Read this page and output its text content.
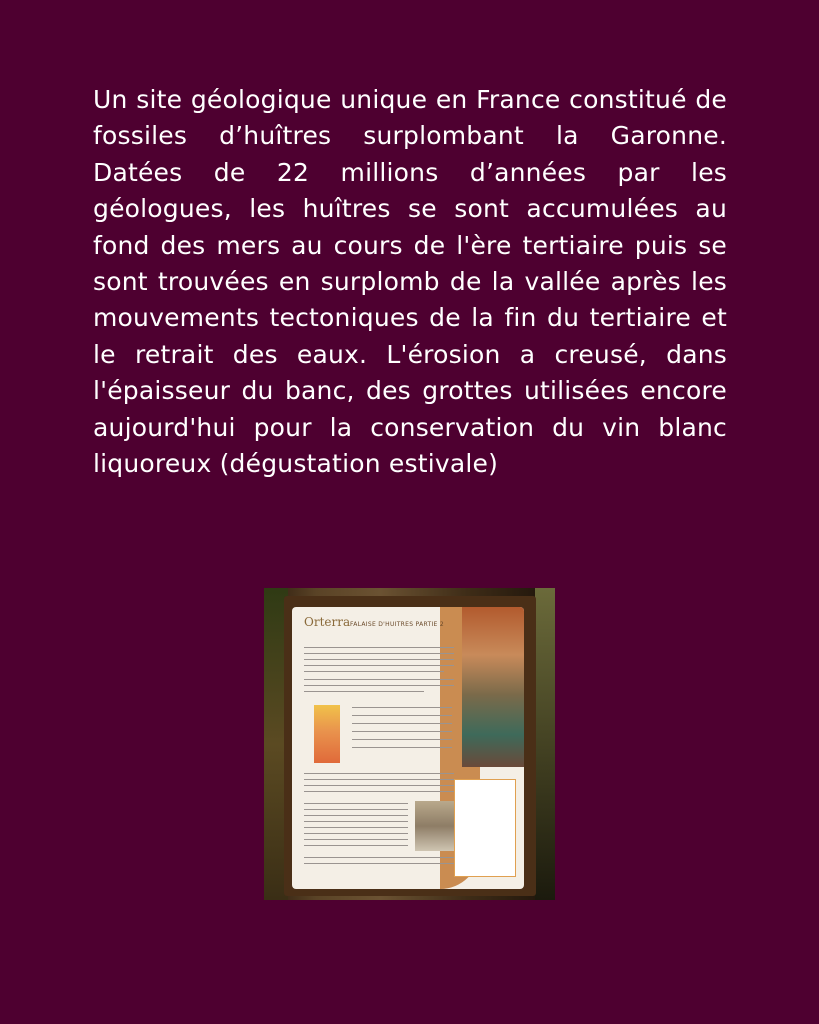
Un site géologique unique en France constitué de fossiles d’huîtres surplombant la Garonne. Datées de 22 millions d’années par les géologues, les huîtres se sont accumulées au fond des mers au cours de l'ère tertiaire puis se sont trouvées en surplomb de la vallée après les mouvements tectoniques de la fin du tertiaire et le retrait des eaux. L'érosion a creusé, dans l'épaisseur du banc, des grottes utilisées encore aujourd'hui pour la conservation du vin blanc liquoreux (dégustation estivale)
Orterra FALAISE D'HUITRES PARTIE 2
